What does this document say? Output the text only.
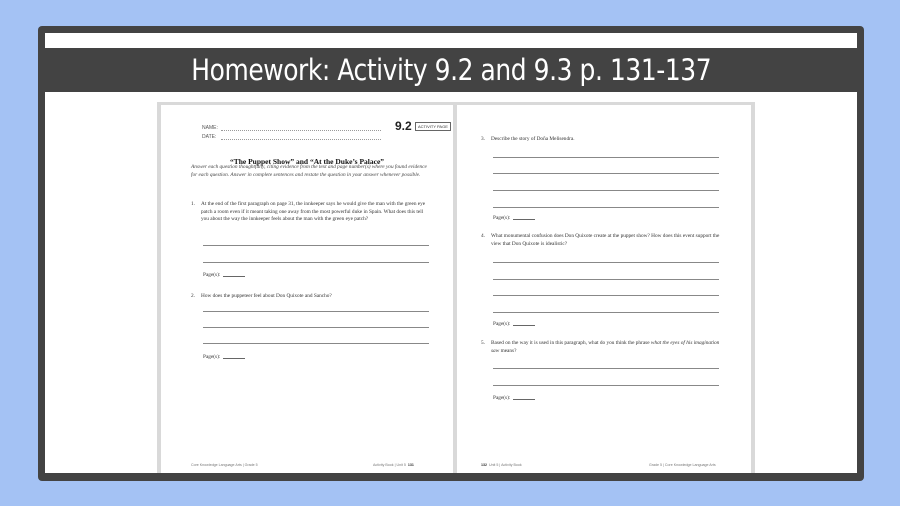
Homework: Activity 9.2 and 9.3 p. 131-137
NAME:
DATE:
9.2	ACTIVITY PAGE
“The Puppet Show” and “At the Duke’s Palace”
Answer each question thoughtfully, citing evidence from the text and page number(s) where you found evidence for each question. Answer in complete sentences and restate the question in your answer whenever possible.
1. At the end of the first paragraph on page 31, the innkeeper says he would give the man with the green eye patch a room even if it meant taking one away from the most powerful duke in Spain. What does this tell you about the way the innkeeper feels about the man with the green eye patch?
Page(s):
2. How does the puppeteer feel about Don Quixote and Sancho?
Page(s):
Core Knowledge Language Arts | Grade 5	Activity Book | Unit 5 131
3. Describe the story of Doña Melisendra.
Page(s):
4. What monumental confusion does Don Quixote create at the puppet show? How does this event support the view that Don Quixote is idealistic?
Page(s):
5. Based on the way it is used in this paragraph, what do you think the phrase what the eyes of his imagination saw means?
Page(s):
132 Unit 5 | Activity Book	Grade 5 | Core Knowledge Language Arts
